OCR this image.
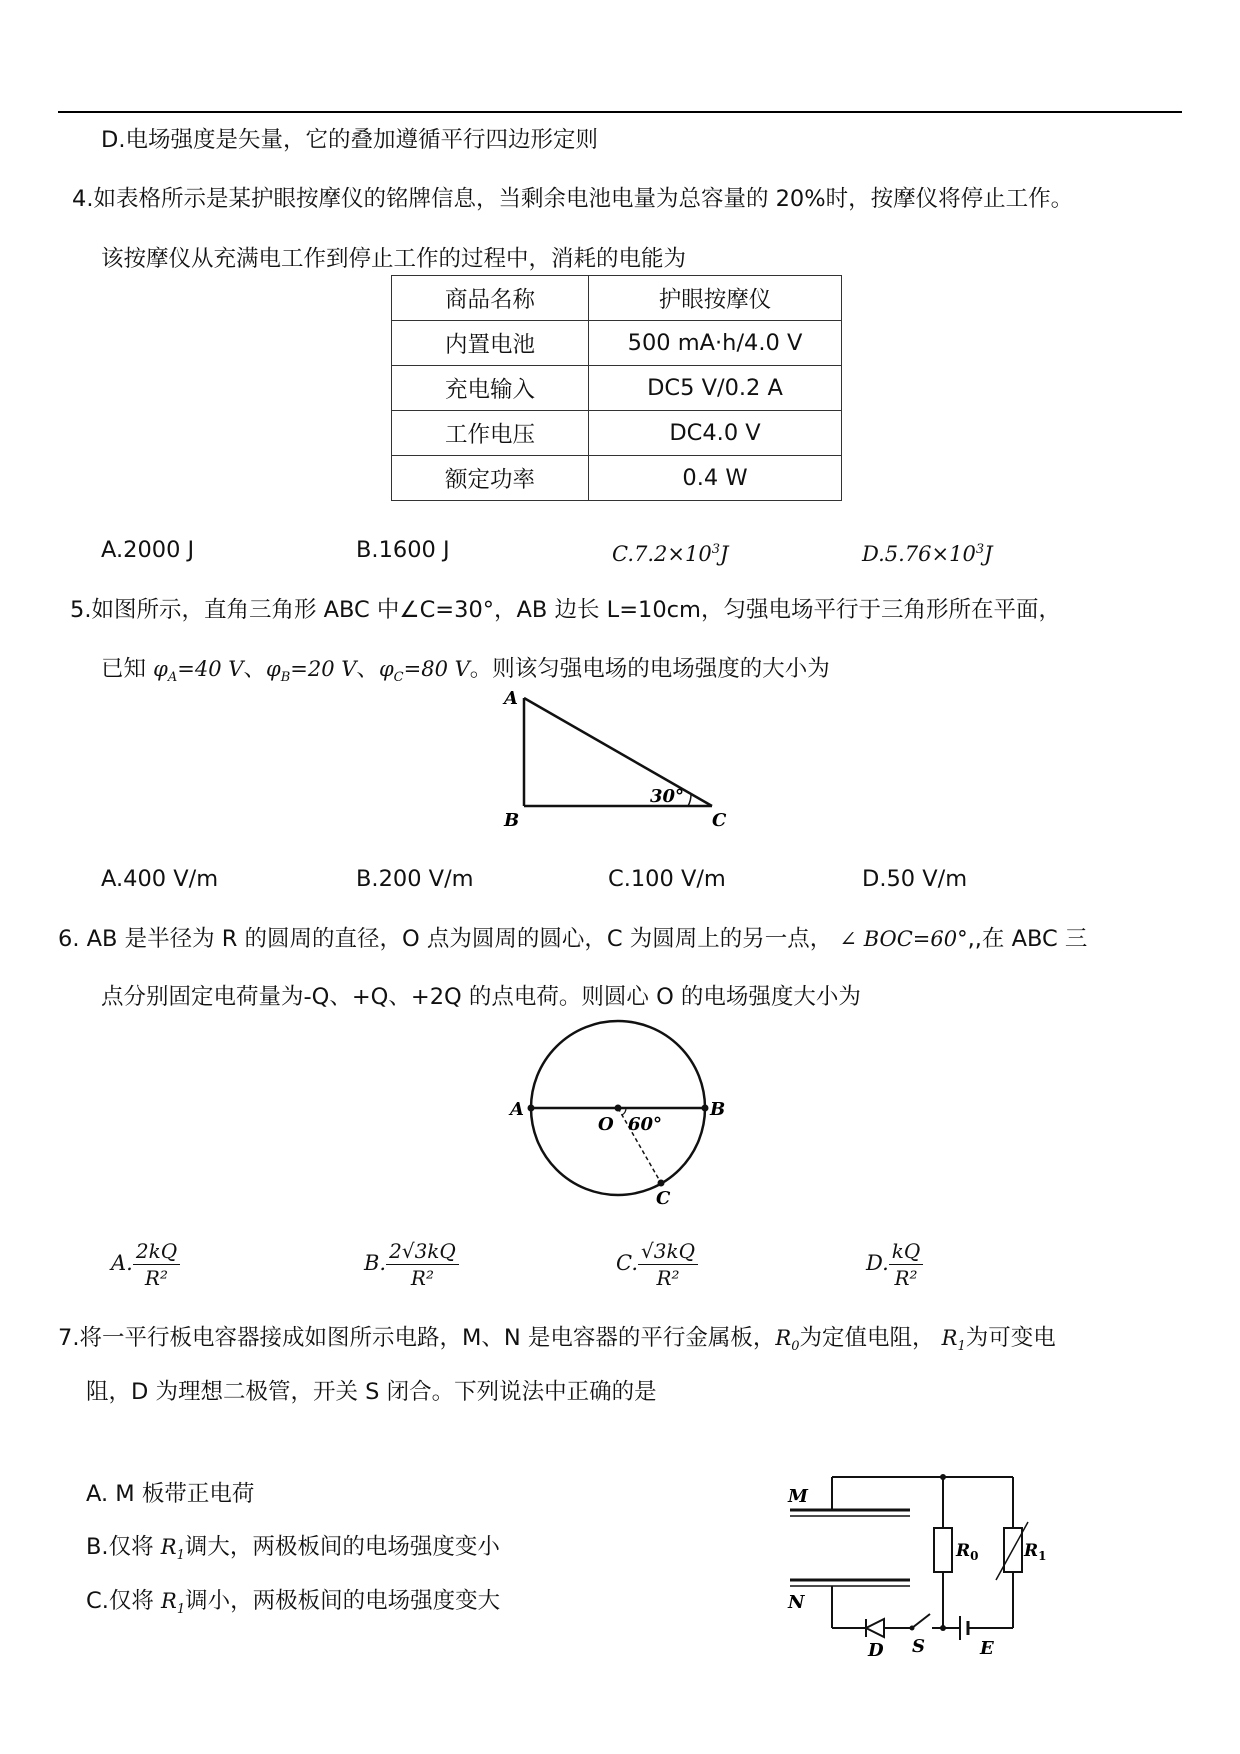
D.电场强度是矢量，它的叠加遵循平行四边形定则
4.如表格所示是某护眼按摩仪的铭牌信息，当剩余电池电量为总容量的 20%时，按摩仪将停止工作。
该按摩仪从充满电工作到停止工作的过程中，消耗的电能为
商品名称	护眼按摩仪
内置电池	500 mA·h/4.0 V
充电输入	DC5 V/0.2 A
工作电压	DC4.0 V
额定功率	0.4 W
A.2000 J	B.1600 J	$C.7.2\times 10^3J$	$D.5.76\times 10^3J$
5.如图所示，直角三角形 ABC 中∠C=30°，AB 边长 L=10cm，匀强电场平行于三角形所在平面，
已知 $\varphi_A=40$ V、$\varphi_B=20$ V、$\varphi_C=80$ V。则该匀强电场的电场强度的大小为
A
B	C
30°
A.400 V/m	B.200 V/m	C.100 V/m	D.50 V/m
6. AB 是半径为 R 的圆周的直径，O 点为圆周的圆心，C 为圆周上的另一点， ∠ BOC=60°,,在 ABC 三
点分别固定电荷量为-Q、+Q、+2Q 的点电荷。则圆心 O 的电场强度大小为
A	B
O 60°
C
A. $\frac{2kQ}{\text{R²}}$	B. $\frac{2√3kQ}{\text{R²}}$	C. $\frac{√3kQ}{\text{R²}}$	D. $\frac{kQ}{\text{R²}}$
7.将一平行板电容器接成如图所示电路，M、N 是电容器的平行金属板，$R_0$为定值电阻， $R_1$为可变电
阻，D 为理想二极管，开关 S 闭合。下列说法中正确的是
A. M 板带正电荷
B.仅将 $R_1$调大，两极板间的电场强度变小
C.仅将 $R_1$调小，两极板间的电场强度变大
M
N
$R_0$	$R_1$
D S	E
